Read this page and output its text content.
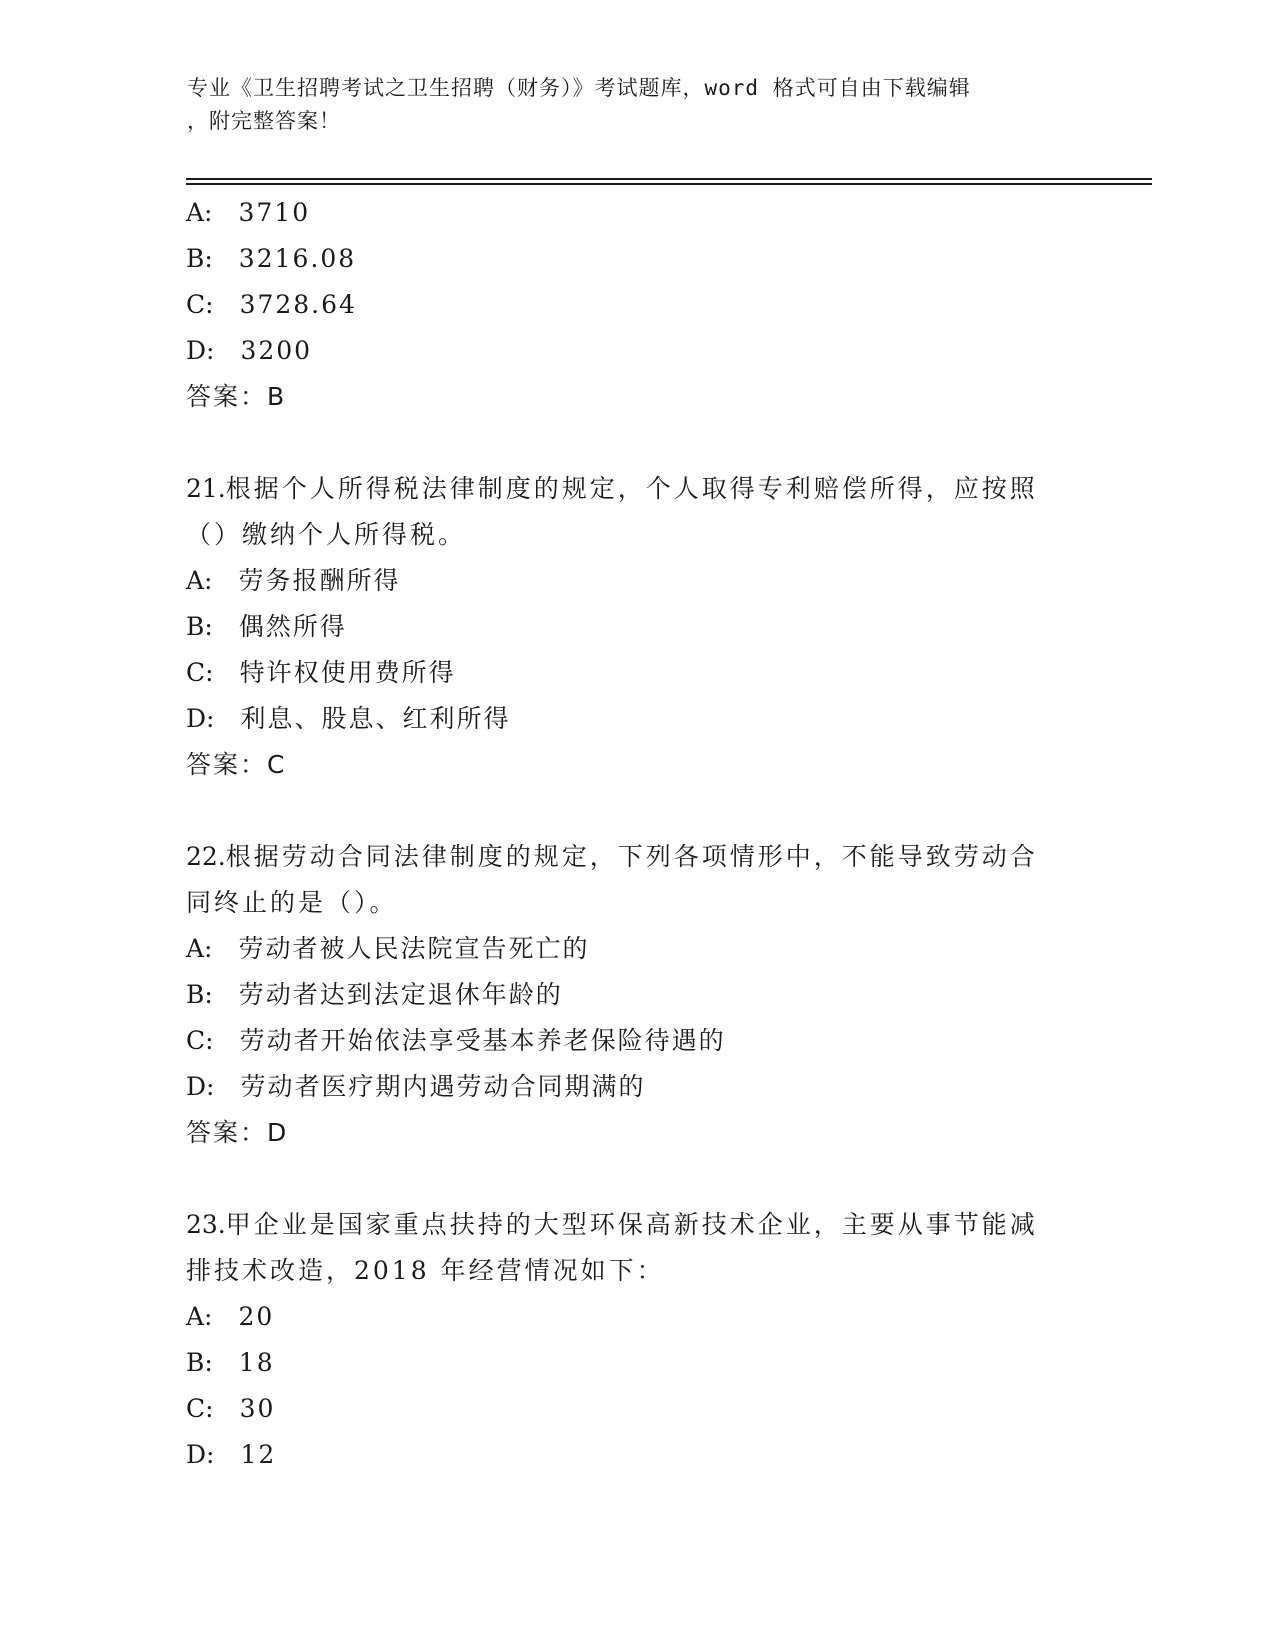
专业《卫生招聘考试之卫生招聘（财务）》考试题库，word 格式可自由下载编辑
，附完整答案！
A: 3710
B: 3216.08
C: 3728.64
D: 3200
答案：B
21.根据个人所得税法律制度的规定，个人取得专利赔偿所得，应按照
（）缴纳个人所得税。
A: 劳务报酬所得
B: 偶然所得
C: 特许权使用费所得
D: 利息、股息、红利所得
答案：C
22.根据劳动合同法律制度的规定，下列各项情形中，不能导致劳动合
同终止的是（）。
A: 劳动者被人民法院宣告死亡的
B: 劳动者达到法定退休年龄的
C: 劳动者开始依法享受基本养老保险待遇的
D: 劳动者医疗期内遇劳动合同期满的
答案：D
23.甲企业是国家重点扶持的大型环保高新技术企业，主要从事节能减
排技术改造，2018 年经营情况如下：
A: 20
B: 18
C: 30
D: 12
